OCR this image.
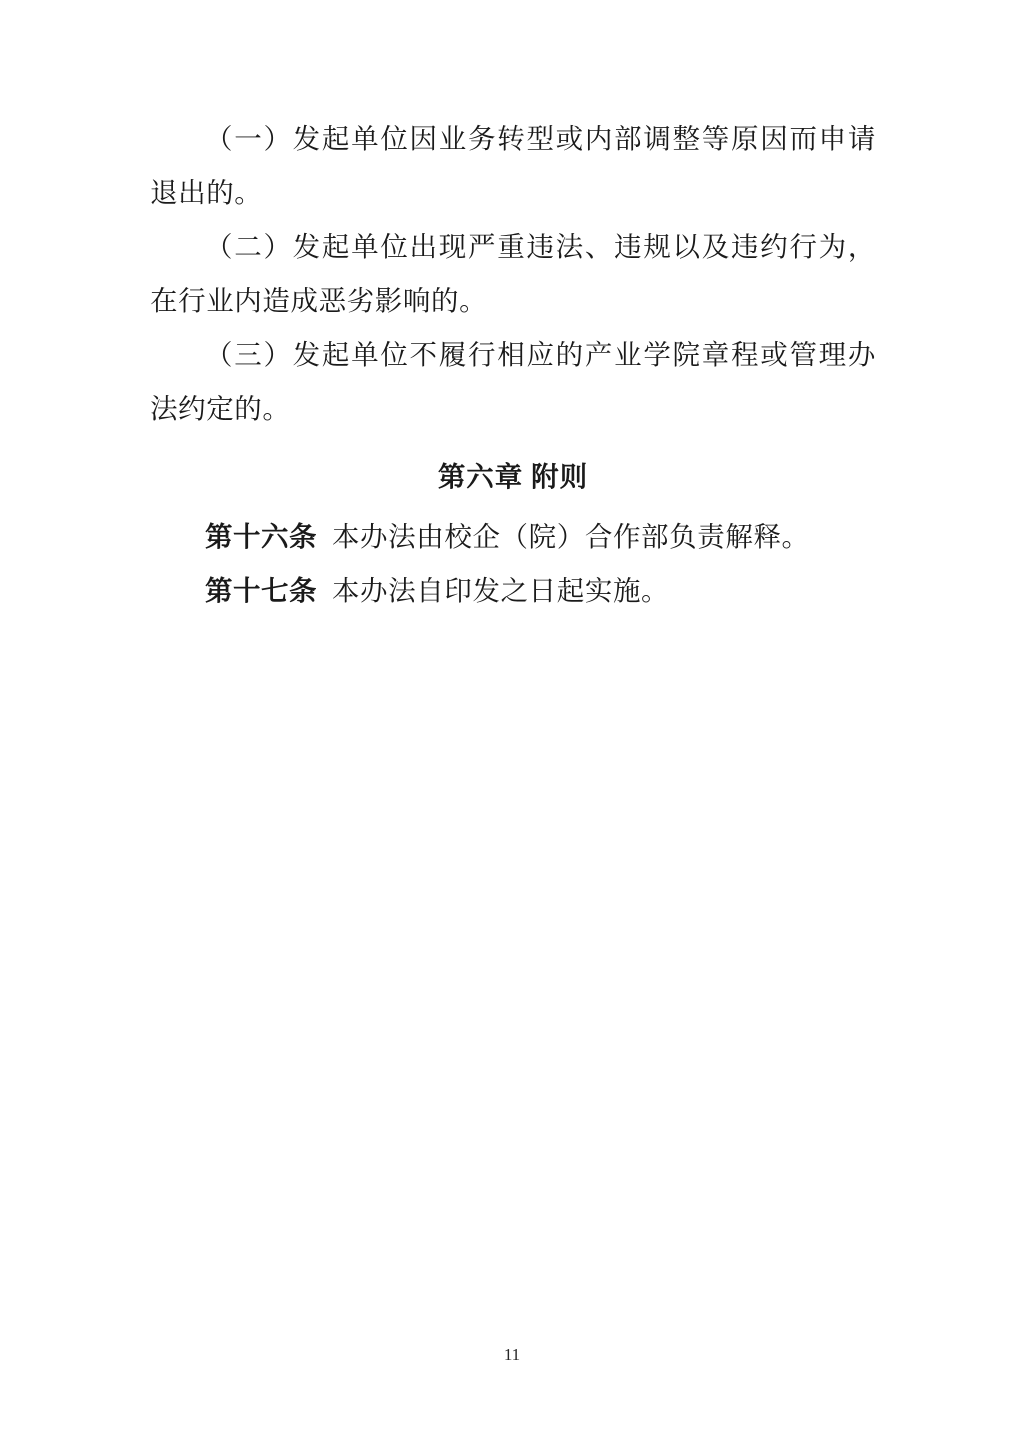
（一）发起单位因业务转型或内部调整等原因而申请退出的。

（二）发起单位出现严重违法、违规以及违约行为，在行业内造成恶劣影响的。

（三）发起单位不履行相应的产业学院章程或管理办法约定的。

第六章 附则

第十六条 本办法由校企（院）合作部负责解释。

第十七条 本办法自印发之日起实施。

11
